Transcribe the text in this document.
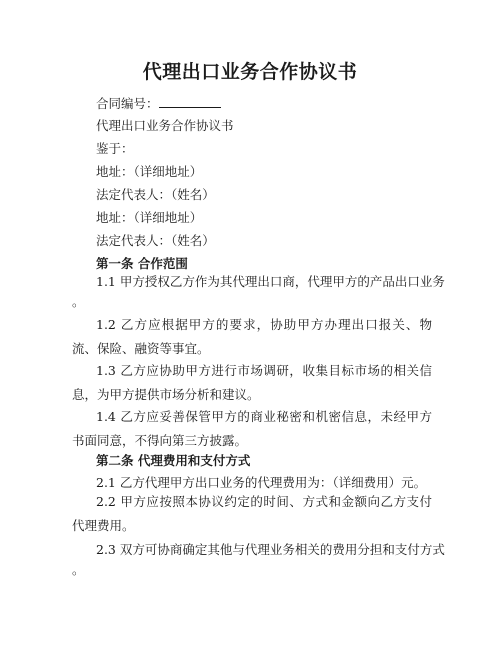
代理出口业务合作协议书
合同编号：
代理出口业务合作协议书
鉴于：
地址：（详细地址）
法定代表人：（姓名）
地址：（详细地址）
法定代表人：（姓名）
第一条 合作范围
1.1 甲方授权乙方作为其代理出口商，代理甲方的产品出口业务
。
1.2 乙方应根据甲方的要求，协助甲方办理出口报关、物流、保险、融资等事宜。
1.3 乙方应协助甲方进行市场调研，收集目标市场的相关信息，为甲方提供市场分析和建议。
1.4 乙方应妥善保管甲方的商业秘密和机密信息，未经甲方书面同意，不得向第三方披露。
第二条 代理费用和支付方式
2.1 乙方代理甲方出口业务的代理费用为：（详细费用）元。
2.2 甲方应按照本协议约定的时间、方式和金额向乙方支付代理费用。
2.3 双方可协商确定其他与代理业务相关的费用分担和支付方式
。
